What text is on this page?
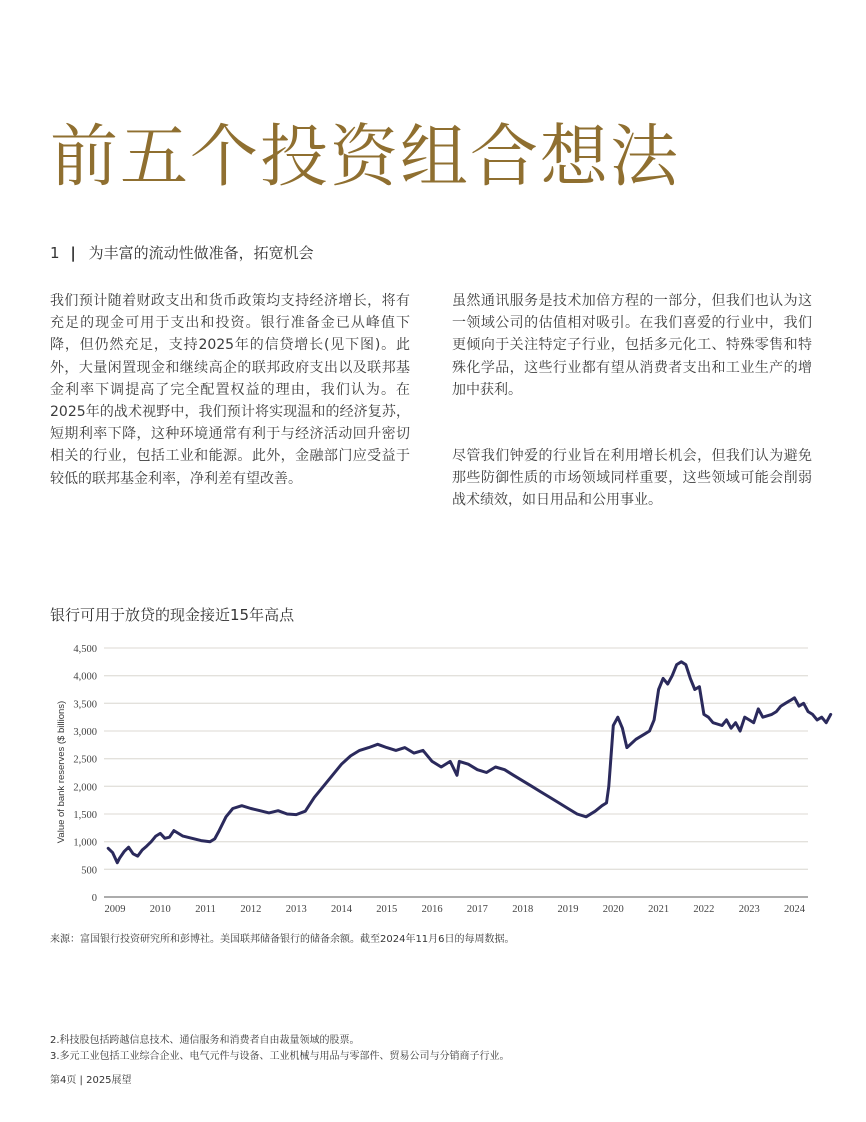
前五个投资组合想法
1 | 为丰富的流动性做准备，拓宽机会

我们预计随着财政支出和货币政策均支持经济增长，将有充足的现金可用于支出和投资。银行准备金已从峰值下降，但仍然充足，支持2025年的信贷增长(见下图)。此外，大量闲置现金和继续高企的联邦政府支出以及联邦基金利率下调提高了完全配置权益的理由，我们认为。在2025年的战术视野中，我们预计将实现温和的经济复苏，短期利率下降，这种环境通常有利于与经济活动回升密切相关的行业，包括工业和能源。此外，金融部门应受益于较低的联邦基金利率，净利差有望改善。

虽然通讯服务是技术加倍方程的一部分，但我们也认为这一领域公司的估值相对吸引。在我们喜爱的行业中，我们更倾向于关注特定子行业，包括多元化工、特殊零售和特殊化学品，这些行业都有望从消费者支出和工业生产的增加中获利。

尽管我们钟爱的行业旨在利用增长机会，但我们认为避免那些防御性质的市场领域同样重要，这些领域可能会削弱战术绩效，如日用品和公用事业。

银行可用于放贷的现金接近15年高点
0
500
1,000
1,500
2,000
2,500
3,000
3,500
4,000
4,500
2009 2010 2011 2012 2013 2014 2015 2016 2017 2018 2019 2020 2021 2022 2023 2024
Value of bank reserves ($ billions)
来源：富国银行投资研究所和彭博社。美国联邦储备银行的储备余额。截至2024年11月6日的每周数据。
2.科技股包括跨越信息技术、通信服务和消费者自由裁量领域的股票。
3.多元工业包括工业综合企业、电气元件与设备、工业机械与用品与零部件、贸易公司与分销商子行业。
第4页 | 2025展望
